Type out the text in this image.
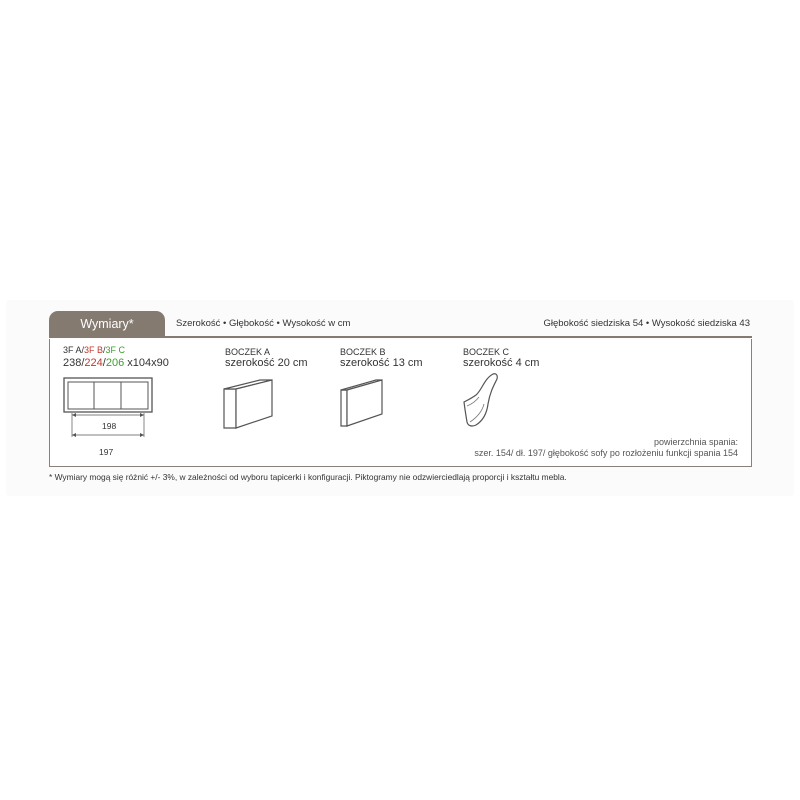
Wymiary*	Szerokość • Głębokość • Wysokość w cm	Głębokość siedziska 54 • Wysokość siedziska 43
3F A/3F B/3F C
238/224/206 x104x90
198
197
BOCZEK A
szerokość 20 cm
BOCZEK B
szerokość 13 cm
BOCZEK C
szerokość 4 cm
powierzchnia spania:
szer. 154/ dł. 197/ głębokość sofy po rozłożeniu funkcji spania 154
* Wymiary mogą się różnić +/- 3%, w zależności od wyboru tapicerki i konfiguracji. Piktogramy nie odzwierciedlają proporcji i kształtu mebla.
